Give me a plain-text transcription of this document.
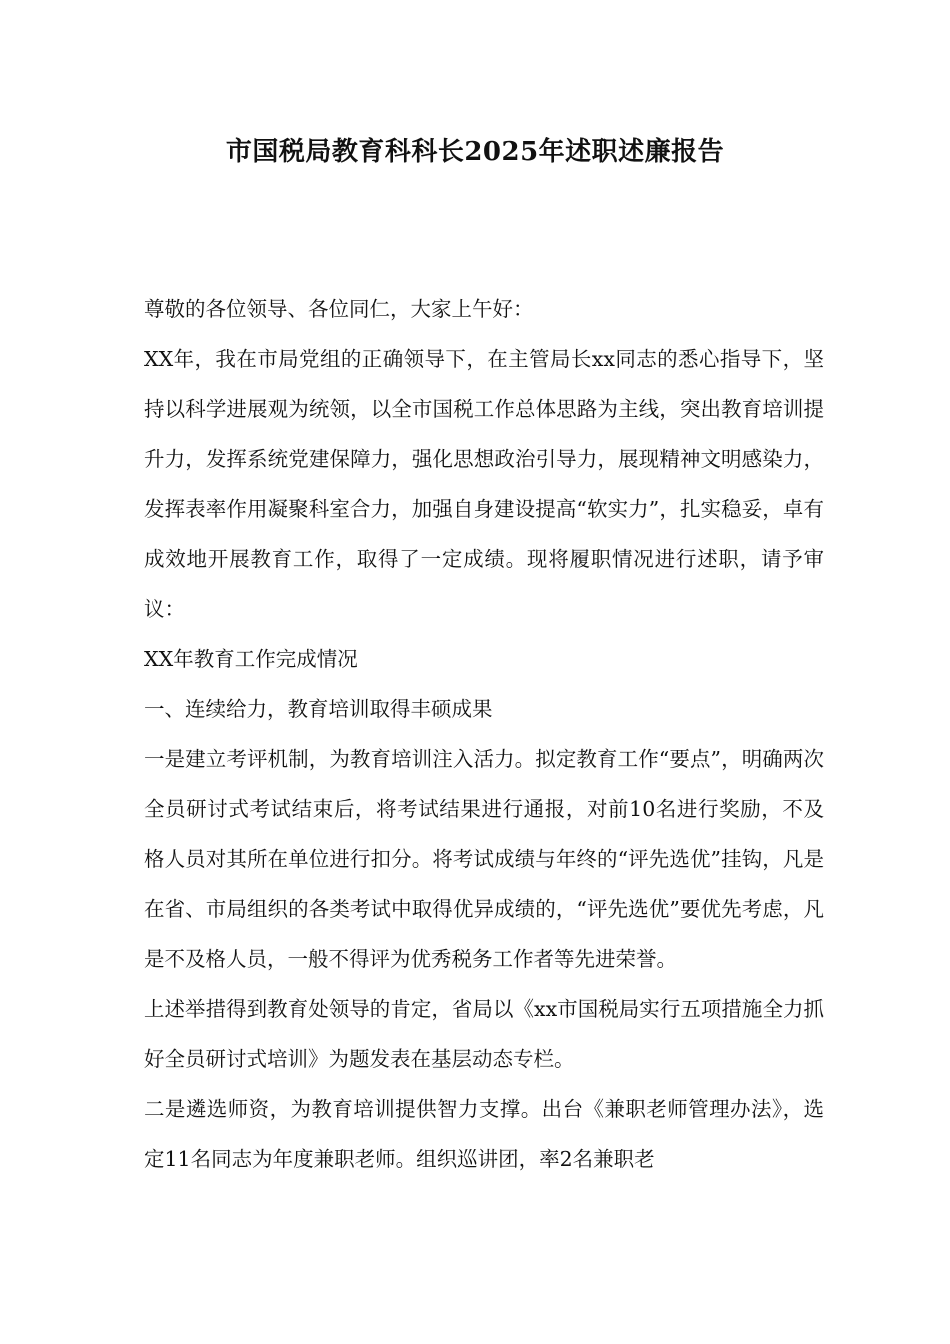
市国税局教育科科长2025年述职述廉报告

尊敬的各位领导、各位同仁，大家上午好：

XX年，我在市局党组的正确领导下，在主管局长xx同志的悉心指导下，坚持以科学进展观为统领，以全市国税工作总体思路为主线，突出教育培训提升力，发挥系统党建保障力，强化思想政治引导力，展现精神文明感染力，发挥表率作用凝聚科室合力，加强自身建设提高“软实力”，扎实稳妥，卓有成效地开展教育工作，取得了一定成绩。现将履职情况进行述职，请予审议：

XX年教育工作完成情况

一、连续给力，教育培训取得丰硕成果

一是建立考评机制，为教育培训注入活力。拟定教育工作“要点”，明确两次全员研讨式考试结束后，将考试结果进行通报，对前10名进行奖励，不及格人员对其所在单位进行扣分。将考试成绩与年终的“评先选优”挂钩，凡是在省、市局组织的各类考试中取得优异成绩的，“评先选优”要优先考虑，凡是不及格人员，一般不得评为优秀税务工作者等先进荣誉。

上述举措得到教育处领导的肯定，省局以《xx市国税局实行五项措施全力抓好全员研讨式培训》为题发表在基层动态专栏。

二是遴选师资，为教育培训提供智力支撑。出台《兼职老师管理办法》，选定11名同志为年度兼职老师。组织巡讲团，率2名兼职老
